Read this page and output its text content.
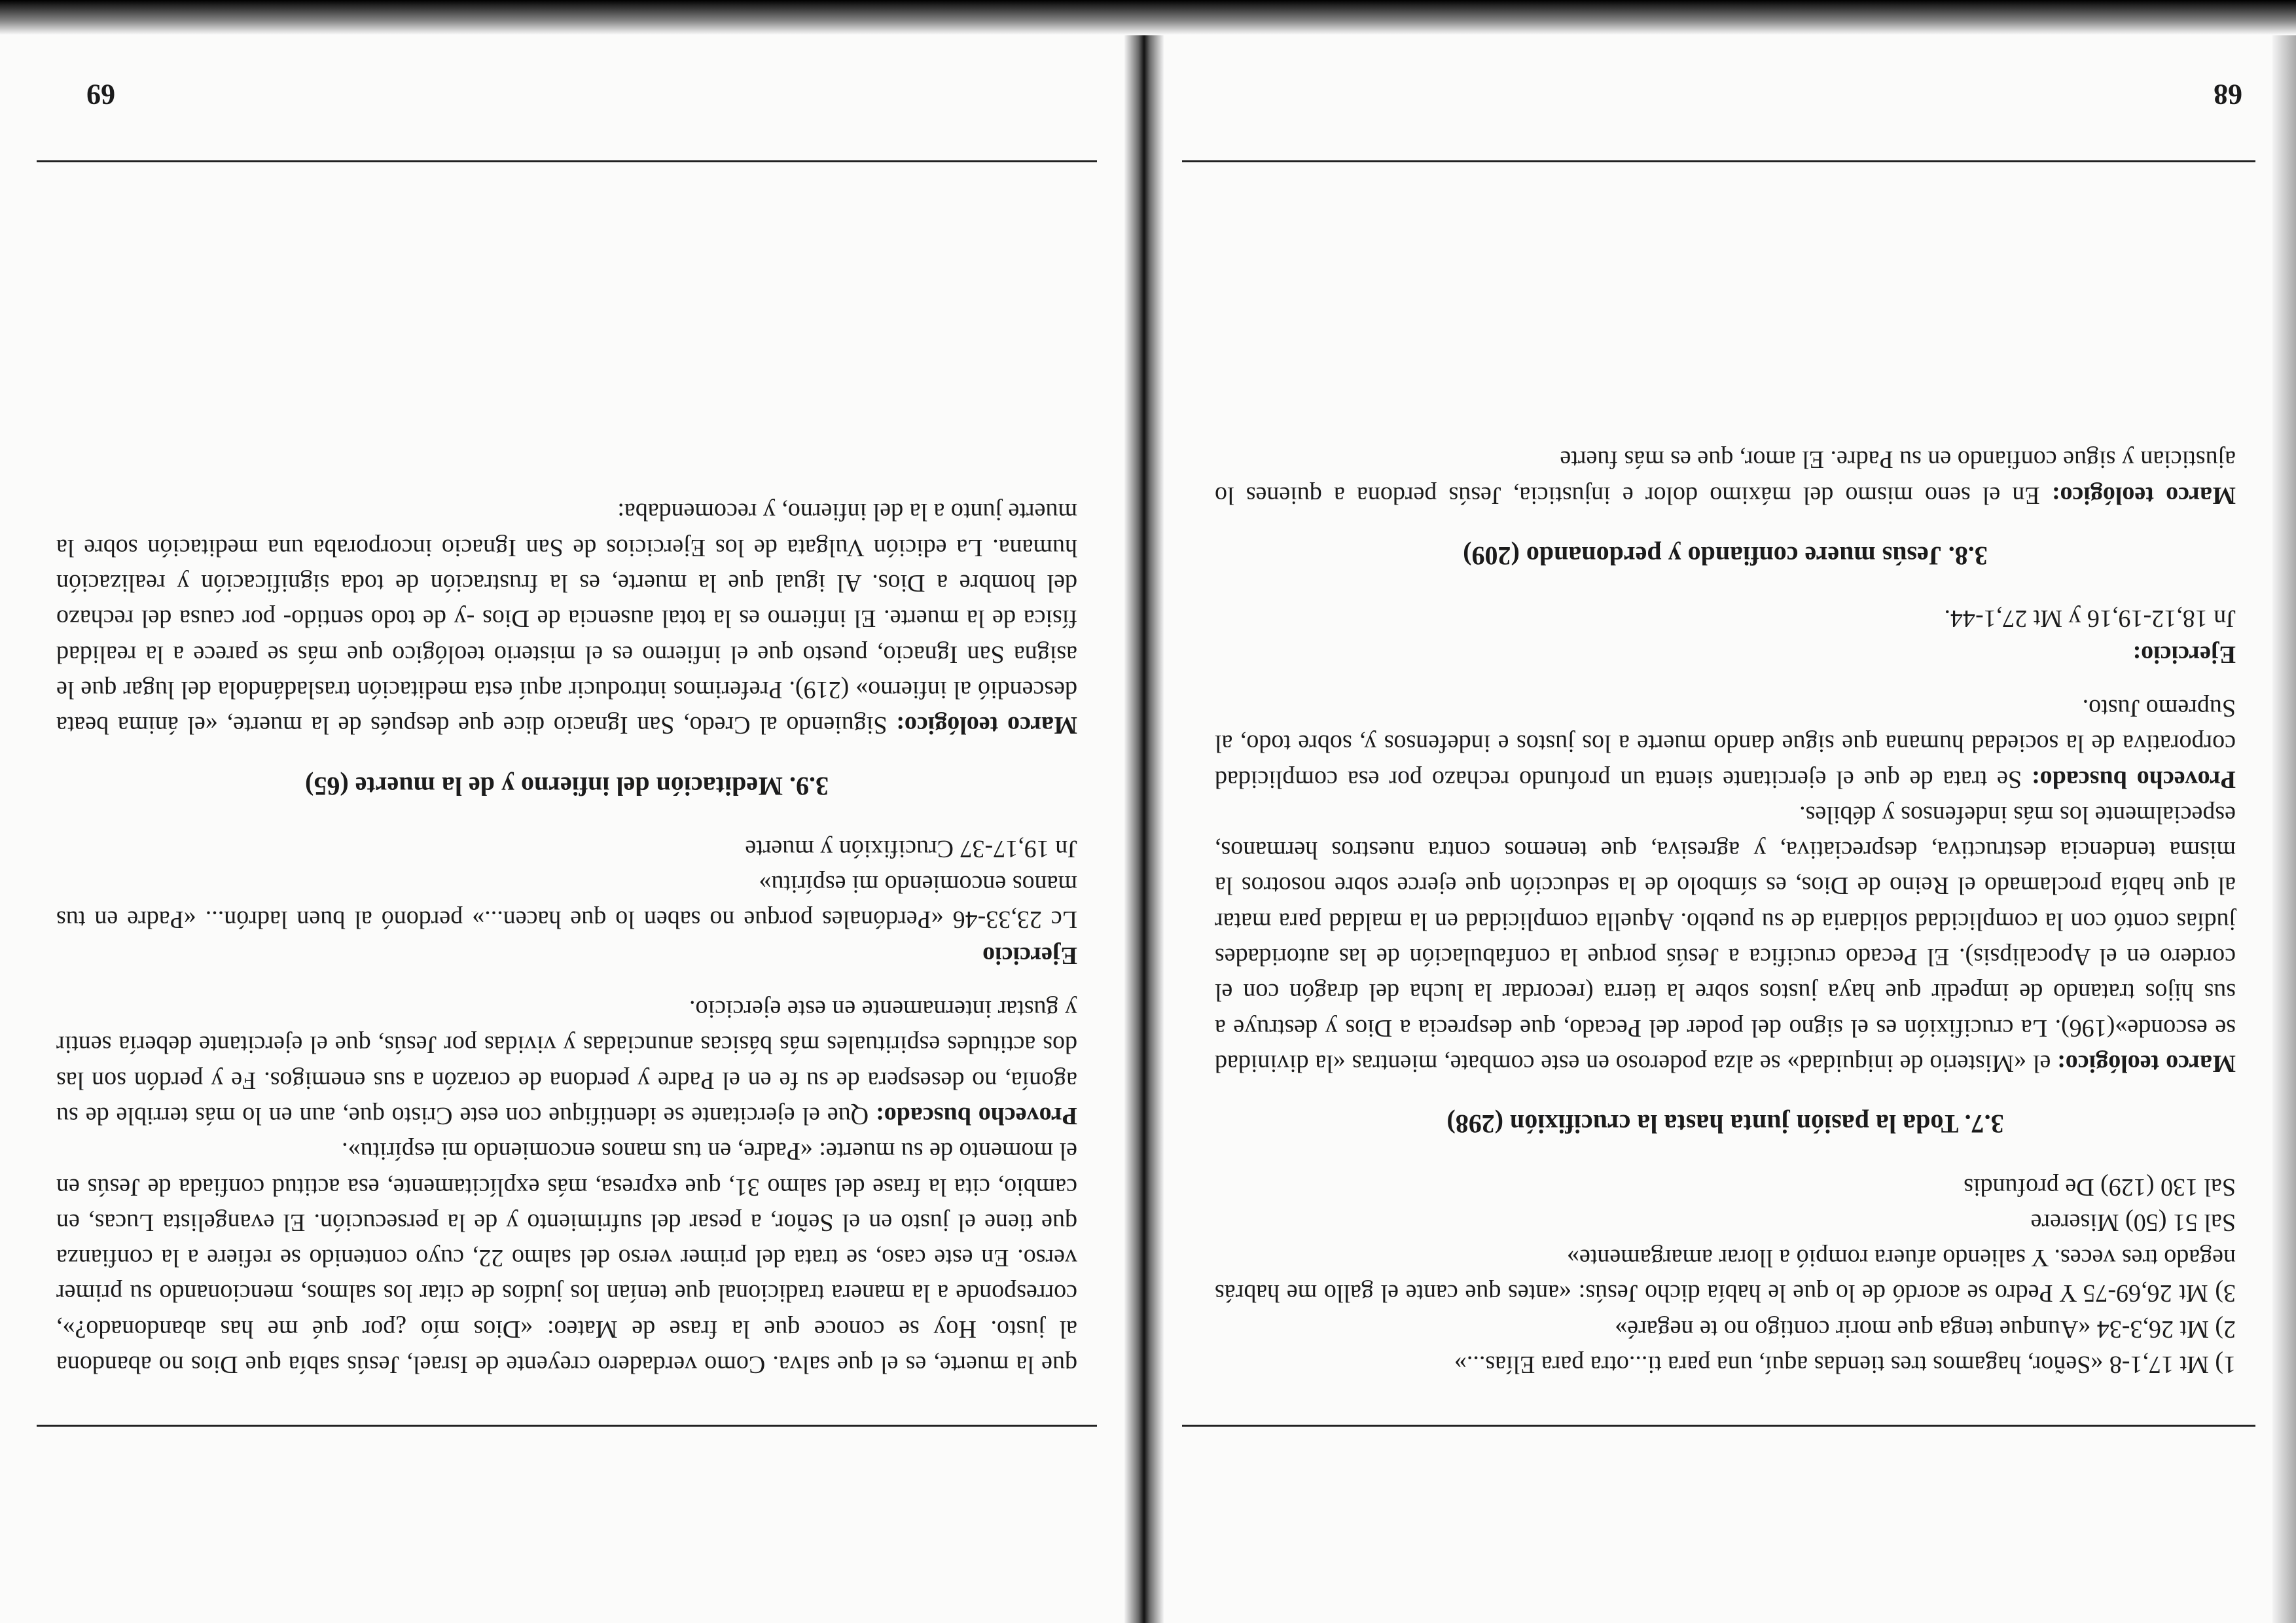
1) Mt 17,1-8 «Señor, hagamos tres tiendas aquí, una para ti...otra para Elías...»

2) Mt 26,3-34 «Aunque tenga que morir contigo no te negaré»

3) Mt 26,69-75 Y Pedro se acordó de lo que le había dicho Jesús: «antes que cante el gallo me habrás negado tres veces. Y saliendo afuera rompió a llorar amargamente»

Sal 51 (50) Miserere

Sal 130 (129) De profundis

3.7. Toda la pasión junta hasta la crucifixión (298)

Marco teológico: el «Misterio de iniquidad» se alza poderoso en este combate, mientras «la divinidad se esconde»(196). La crucifixión es el signo del poder del Pecado, que desprecia a Dios y destruye a sus hijos tratando de impedir que haya justos sobre la tierra (recordar la lucha del dragón con el cordero en el Apocalipsis). El Pecado crucifica a Jesús porque la confabulación de las autoridades judías contó con la complicidad solidaria de su pueblo. Aquella complicidad en la maldad para matar al que había proclamado el Reino de Dios, es símbolo de la seducción que ejerce sobre nosotros la misma tendencia destructiva, despreciativa, y agresiva, que tenemos contra nuestros hermanos, especialmente los más indefensos y débiles.

Provecho buscado: Se trata de que el ejercitante sienta un profundo rechazo por esa complicidad corporativa de la sociedad humana que sigue dando muerte a los justos e indefensos y, sobre todo, al Supremo Justo.

Ejercicio:

Jn 18,12-19,16 y Mt 27,1-44.

3.8. Jesús muere confiando y perdonando (209)

Marco teológico: En el seno mismo del máximo dolor e injusticia, Jesús perdona a quienes lo ajustician y sigue confiando en su Padre. El amor, que es más fuerte

68

que la muerte, es el que salva. Como verdadero creyente de Israel, Jesús sabía que Dios no abandona al justo. Hoy se conoce que la frase de Mateo: «Dios mío ¿por qué me has abandonado?», corresponde a la manera tradicional que tenían los judíos de citar los salmos, mencionando su primer verso. En este caso, se trata del primer verso del salmo 22, cuyo contenido se refiere a la confianza que tiene el justo en el Señor, a pesar del sufrimiento y de la persecución. El evangelista Lucas, en cambio, cita la frase del salmo 31, que expresa, más explícitamente, esa actitud confiada de Jesús en el momento de su muerte: «Padre, en tus manos encomiendo mi espíritu».

Provecho buscado: Que el ejercitante se identifique con este Cristo que, aun en lo más terrible de su agonía, no desespera de su fe en el Padre y perdona de corazón a sus enemigos. Fe y perdón son las dos actitudes espirituales más básicas anunciadas y vividas por Jesús, que el ejercitante debería sentir y gustar internamente en este ejercicio.

Ejercicio

Lc 23,33-46 «Perdónales porque no saben lo que hacen...» perdonó al buen ladrón... «Padre en tus manos encomiendo mi espíritu»

Jn 19,17-37 Crucifixión y muerte

3.9. Meditación del infierno y de la muerte (65)

Marco teológico: Siguiendo al Credo, San Ignacio dice que después de la muerte, «el ánima beata descendió al infierno» (219). Preferimos introducir aquí esta meditación trasladándola del lugar que le asigna San Ignacio, puesto que el infierno es el misterio teológico que más se parece a la realidad física de la muerte. El infierno es la total ausencia de Dios -y de todo sentido- por causa del rechazo del hombre a Dios. Al igual que la muerte, es la frustración de toda significación y realización humana. La edición Vulgata de los Ejercicios de San Ignacio incorporaba una meditación sobre la muerte junto a la del infierno, y recomendaba:

69
